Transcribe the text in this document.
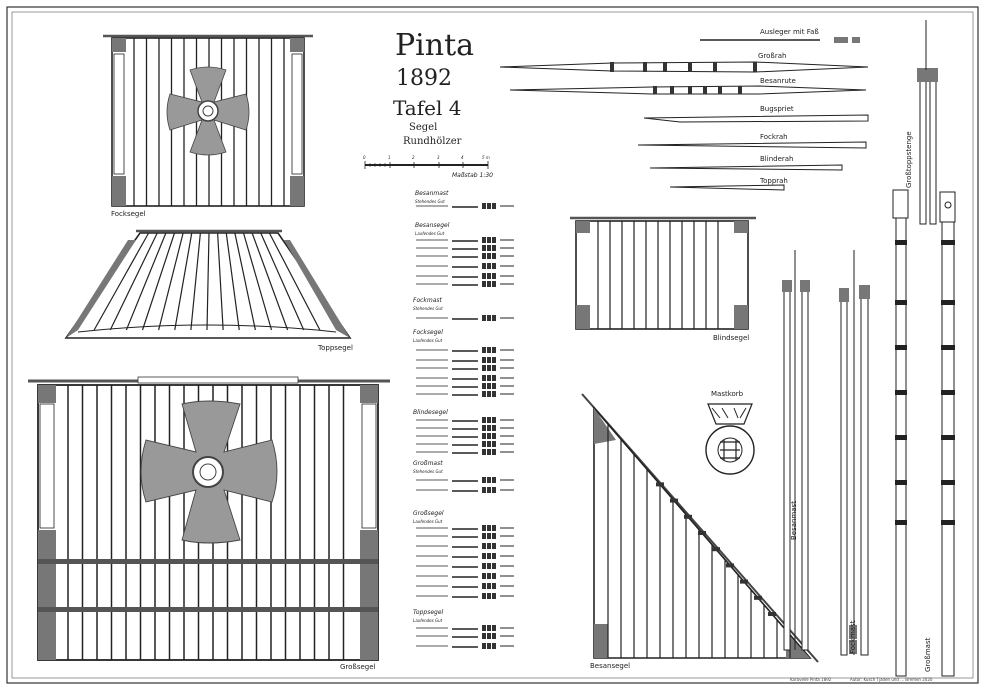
Pinta
1892
Tafel 4
Segel
Rundhölzer
0	1	2	3	4	5 m
Maßstab 1:30
Focksegel
Toppsegel
Großsegel
Blindsegel
Besansegel
Ausleger mit Faß
Großrah
Besanrute
Bugspriet
Fockrah
Blinderah
Topprah
Mastkorb
Besanmast
Fockmast
Großmast
Großtoppstenge
Besanmast
Stehendes Gut
Besansegel
Laufendes Gut
Fockmast
Stehendes Gut
Focksegel
Laufendes Gut
Blindesegel
Großmast
Stehendes Gut
Großsegel
Laufendes Gut
Toppsegel
Laufendes Gut
Karavelle Pinta 1892	Autor: Kusch Tjaden und ... Bremen 2020
